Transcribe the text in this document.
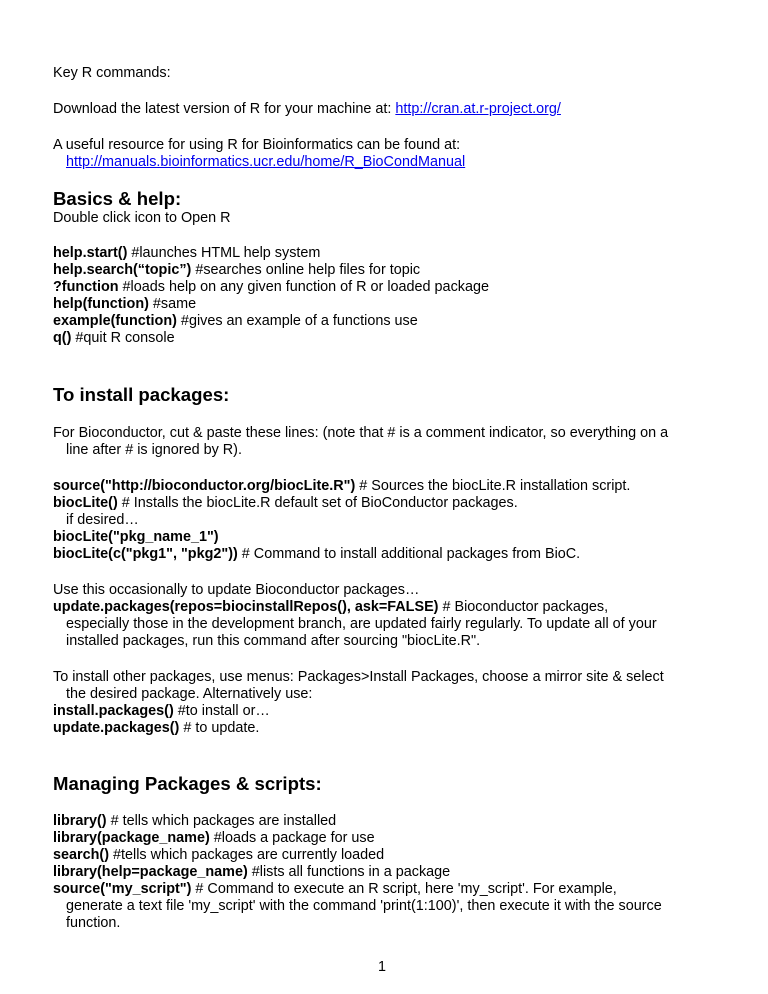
Key R commands:
Download the latest version of R for your machine at: http://cran.at.r-project.org/
A useful resource for using R for Bioinformatics can be found at:
http://manuals.bioinformatics.ucr.edu/home/R_BioCondManual
Basics & help:
Double click icon to Open R
help.start() #launches HTML help system
help.search(“topic”) #searches online help files for topic
?function #loads help on any given function of R or loaded package
help(function) #same
example(function) #gives an example of a functions use
q() #quit R console
To install packages:
For Bioconductor, cut & paste these lines: (note that # is a comment indicator, so everything on a
line after # is ignored by R).
source("http://bioconductor.org/biocLite.R") # Sources the biocLite.R installation script.
biocLite() # Installs the biocLite.R default set of BioConductor packages.
if desired…
biocLite("pkg_name_1")
biocLite(c("pkg1", "pkg2")) # Command to install additional packages from BioC.
Use this occasionally to update Bioconductor packages…
update.packages(repos=biocinstallRepos(), ask=FALSE) # Bioconductor packages,
especially those in the development branch, are updated fairly regularly. To update all of your
installed packages, run this command after sourcing "biocLite.R".
To install other packages, use menus: Packages>Install Packages, choose a mirror site & select
the desired package. Alternatively use:
install.packages() #to install or…
update.packages() # to update.
Managing Packages & scripts:
library() # tells which packages are installed
library(package_name) #loads a package for use
search() #tells which packages are currently loaded
library(help=package_name) #lists all functions in a package
source("my_script") # Command to execute an R script, here 'my_script'. For example,
generate a text file 'my_script' with the command 'print(1:100)', then execute it with the source
function.
1
